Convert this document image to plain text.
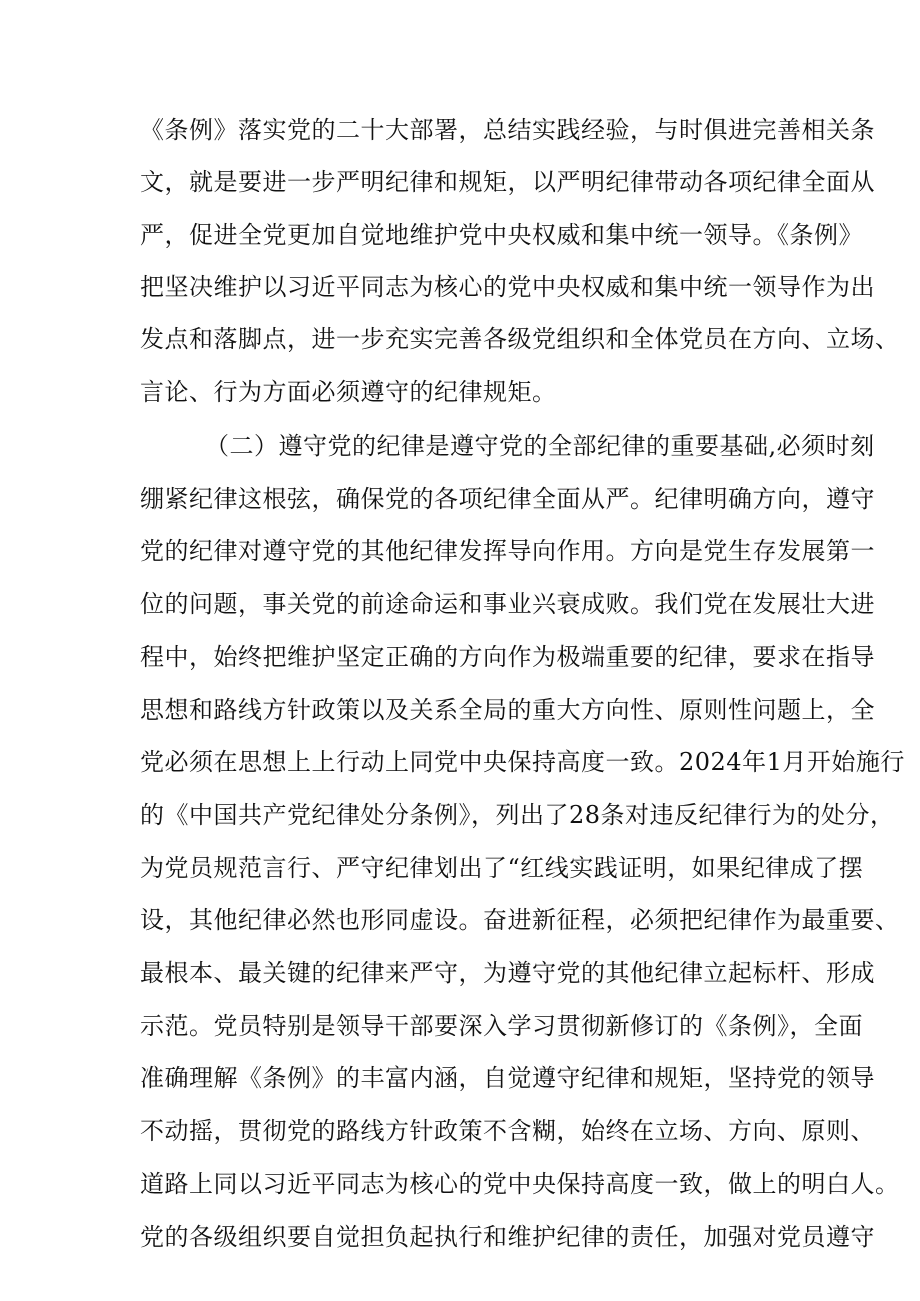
《条例》落实党的二十大部署，总结实践经验，与时俱进完善相关条
文，就是要进一步严明纪律和规矩，以严明纪律带动各项纪律全面从
严，促进全党更加自觉地维护党中央权威和集中统一领导。《条例》
把坚决维护以习近平同志为核心的党中央权威和集中统一领导作为出
发点和落脚点，进一步充实完善各级党组织和全体党员在方向、立场、
言论、行为方面必须遵守的纪律规矩。
（二）遵守党的纪律是遵守党的全部纪律的重要基础,必须时刻
绷紧纪律这根弦，确保党的各项纪律全面从严。纪律明确方向，遵守
党的纪律对遵守党的其他纪律发挥导向作用。方向是党生存发展第一
位的问题，事关党的前途命运和事业兴衰成败。我们党在发展壮大进
程中，始终把维护坚定正确的方向作为极端重要的纪律，要求在指导
思想和路线方针政策以及关系全局的重大方向性、原则性问题上，全
党必须在思想上上行动上同党中央保持高度一致。2024年1月开始施行
的《中国共产党纪律处分条例》，列出了28条对违反纪律行为的处分，
为党员规范言行、严守纪律划出了“红线实践证明，如果纪律成了摆
设，其他纪律必然也形同虚设。奋进新征程，必须把纪律作为最重要、
最根本、最关键的纪律来严守，为遵守党的其他纪律立起标杆、形成
示范。党员特别是领导干部要深入学习贯彻新修订的《条例》，全面
准确理解《条例》的丰富内涵，自觉遵守纪律和规矩，坚持党的领导
不动摇，贯彻党的路线方针政策不含糊，始终在立场、方向、原则、
道路上同以习近平同志为核心的党中央保持高度一致，做上的明白人。
党的各级组织要自觉担负起执行和维护纪律的责任，加强对党员遵守
